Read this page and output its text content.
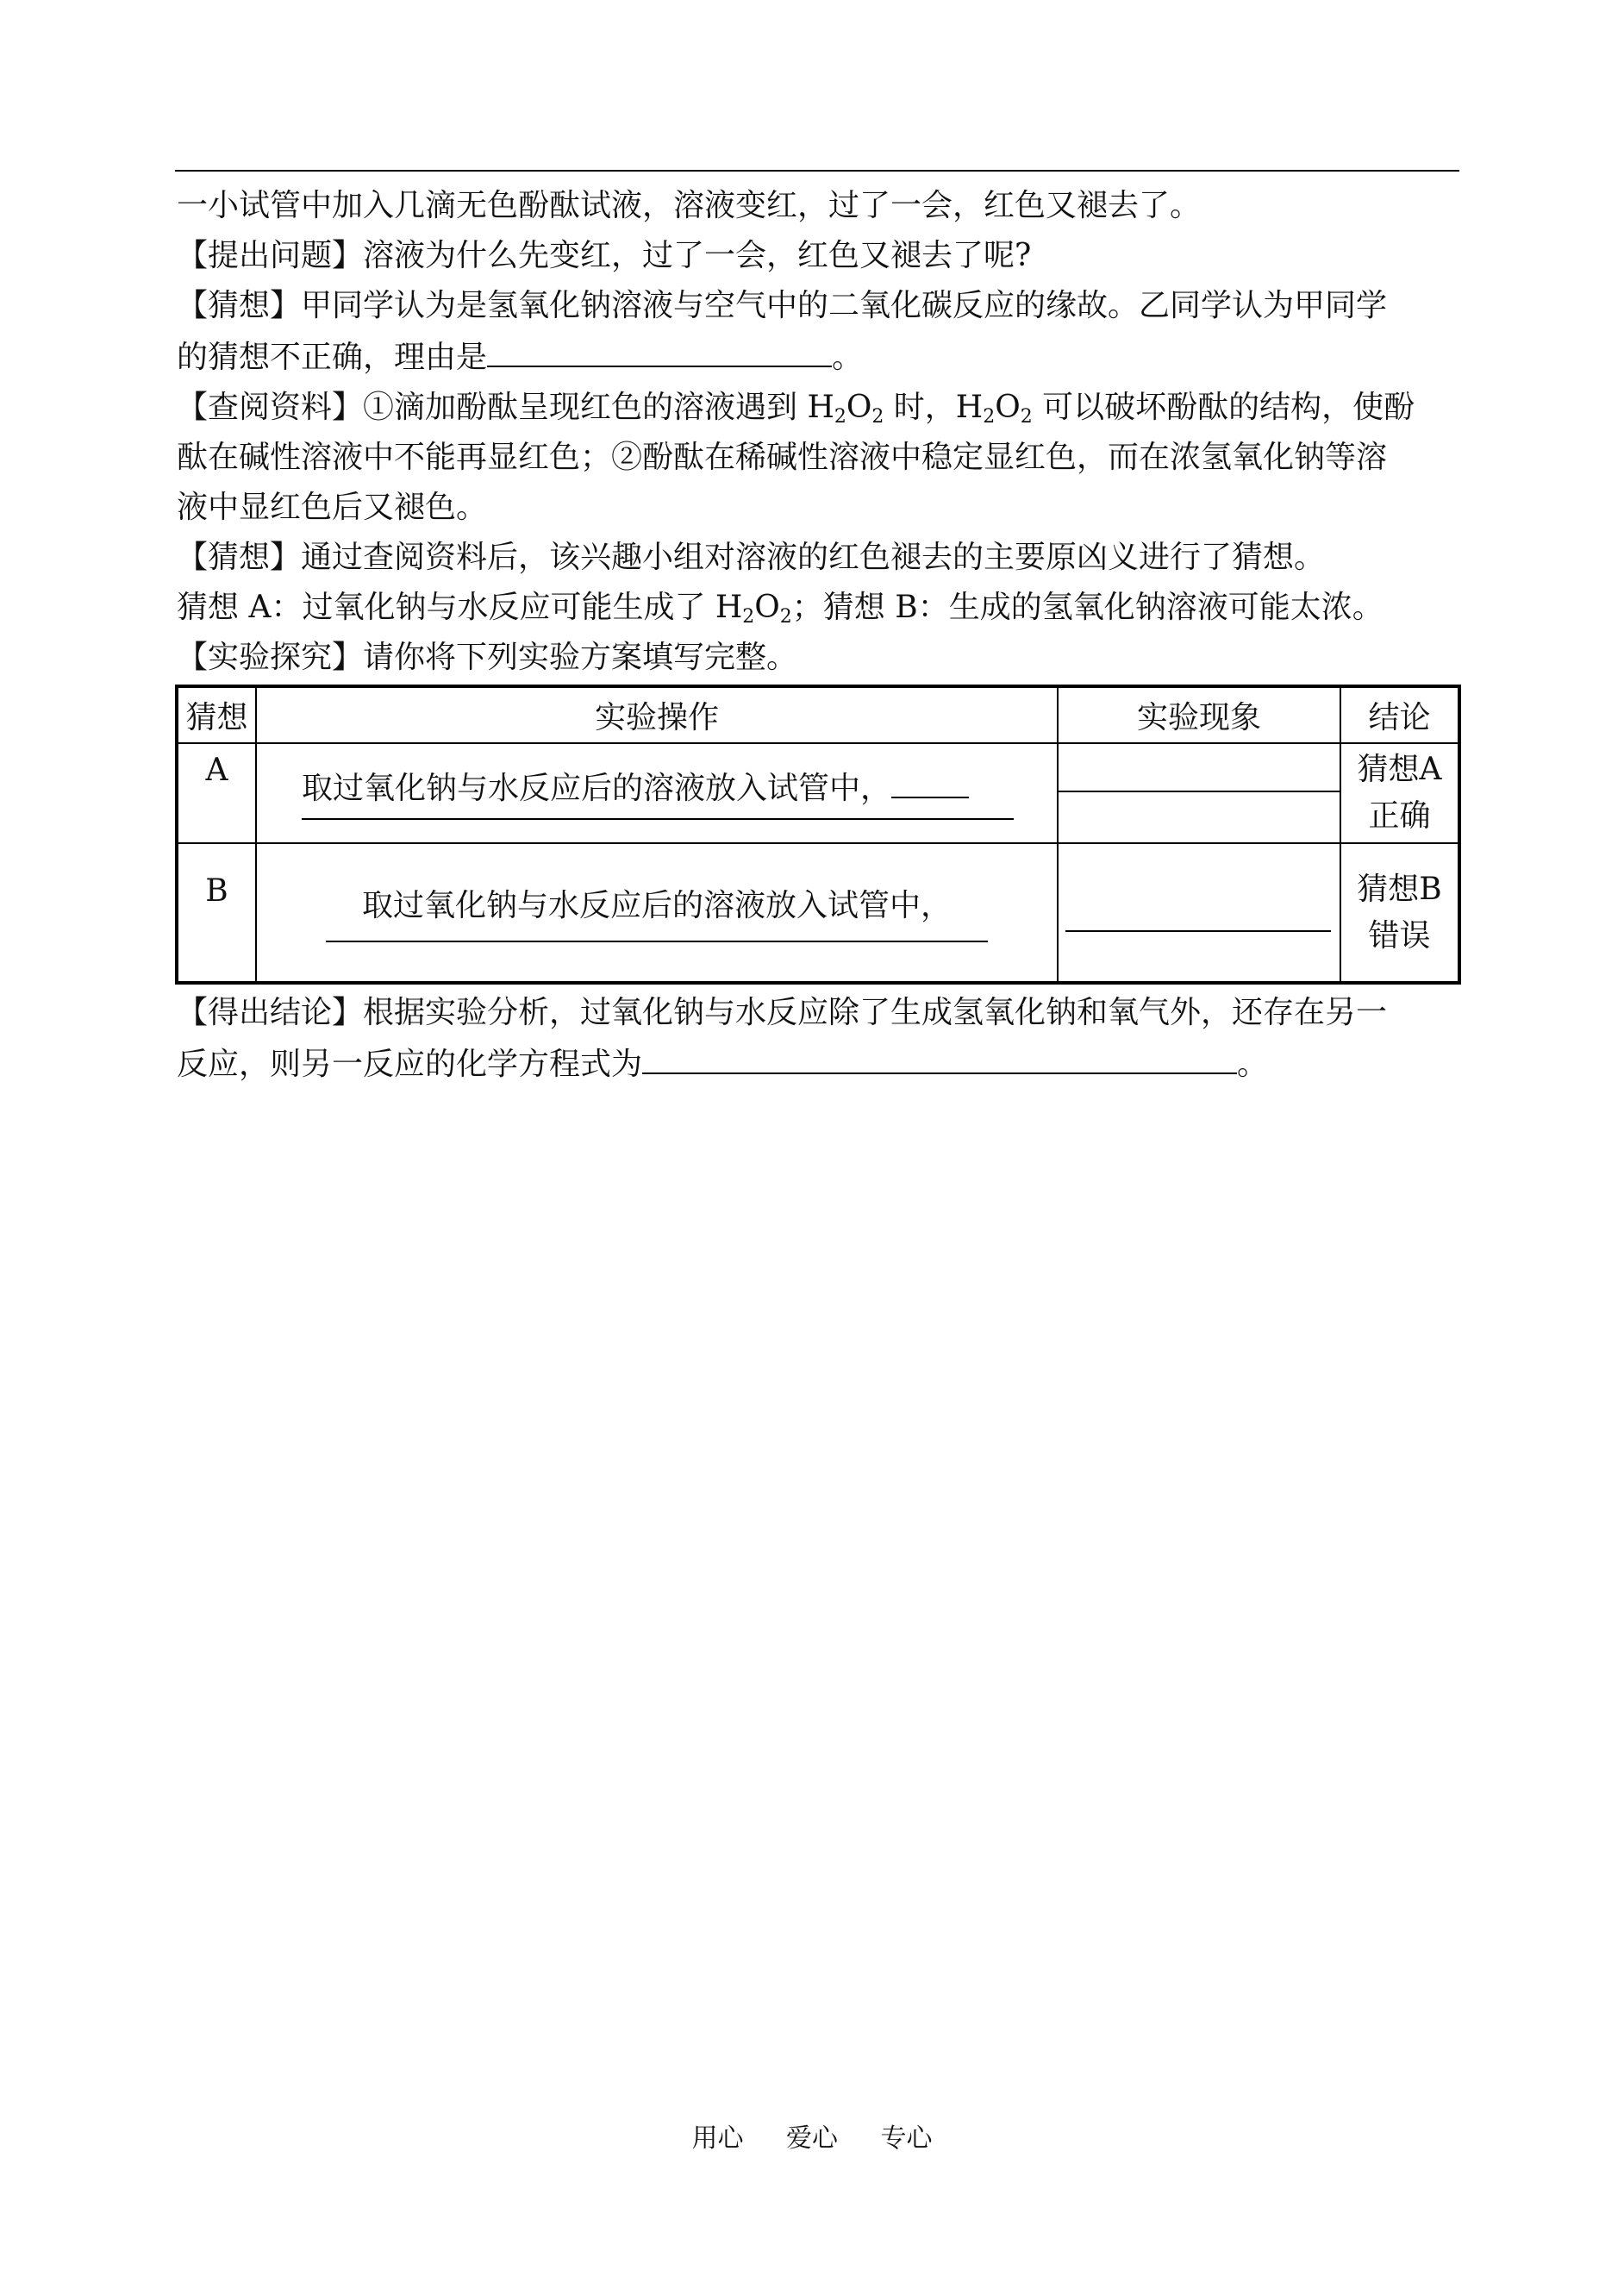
一小试管中加入几滴无色酚酞试液，溶液变红，过了一会，红色又褪去了。
【提出问题】溶液为什么先变红，过了一会，红色又褪去了呢?
【猜想】甲同学认为是氢氧化钠溶液与空气中的二氧化碳反应的缘故。乙同学认为甲同学
的猜想不正确，理由是	。
【查阅资料】①滴加酚酞呈现红色的溶液遇到 $H_2O_2$ 时，$H_2O_2$ 可以破坏酚酞的结构，使酚
酞在碱性溶液中不能再显红色；②酚酞在稀碱性溶液中稳定显红色，而在浓氢氧化钠等溶
液中显红色后又褪色。
【猜想】通过查阅资料后，该兴趣小组对溶液的红色褪去的主要原凶义进行了猜想。
猜想 A：过氧化钠与水反应可能生成了 $H_2O_2$；猜想 B：生成的氢氧化钠溶液可能太浓。
【实验探究】请你将下列实验方案填写完整。
猜想	实验操作	实验现象	结论
A	取过氧化钠与水反应后的溶液放入试管中，		猜想A
正确

B	取过氧化钠与水反应后的溶液放入试管中，		猜想B
错误
【得出结论】根据实验分析，过氧化钠与水反应除了生成氢氧化钠和氧气外，还存在另一
反应，则另一反应的化学方程式为	。
用心 爱心 专心
